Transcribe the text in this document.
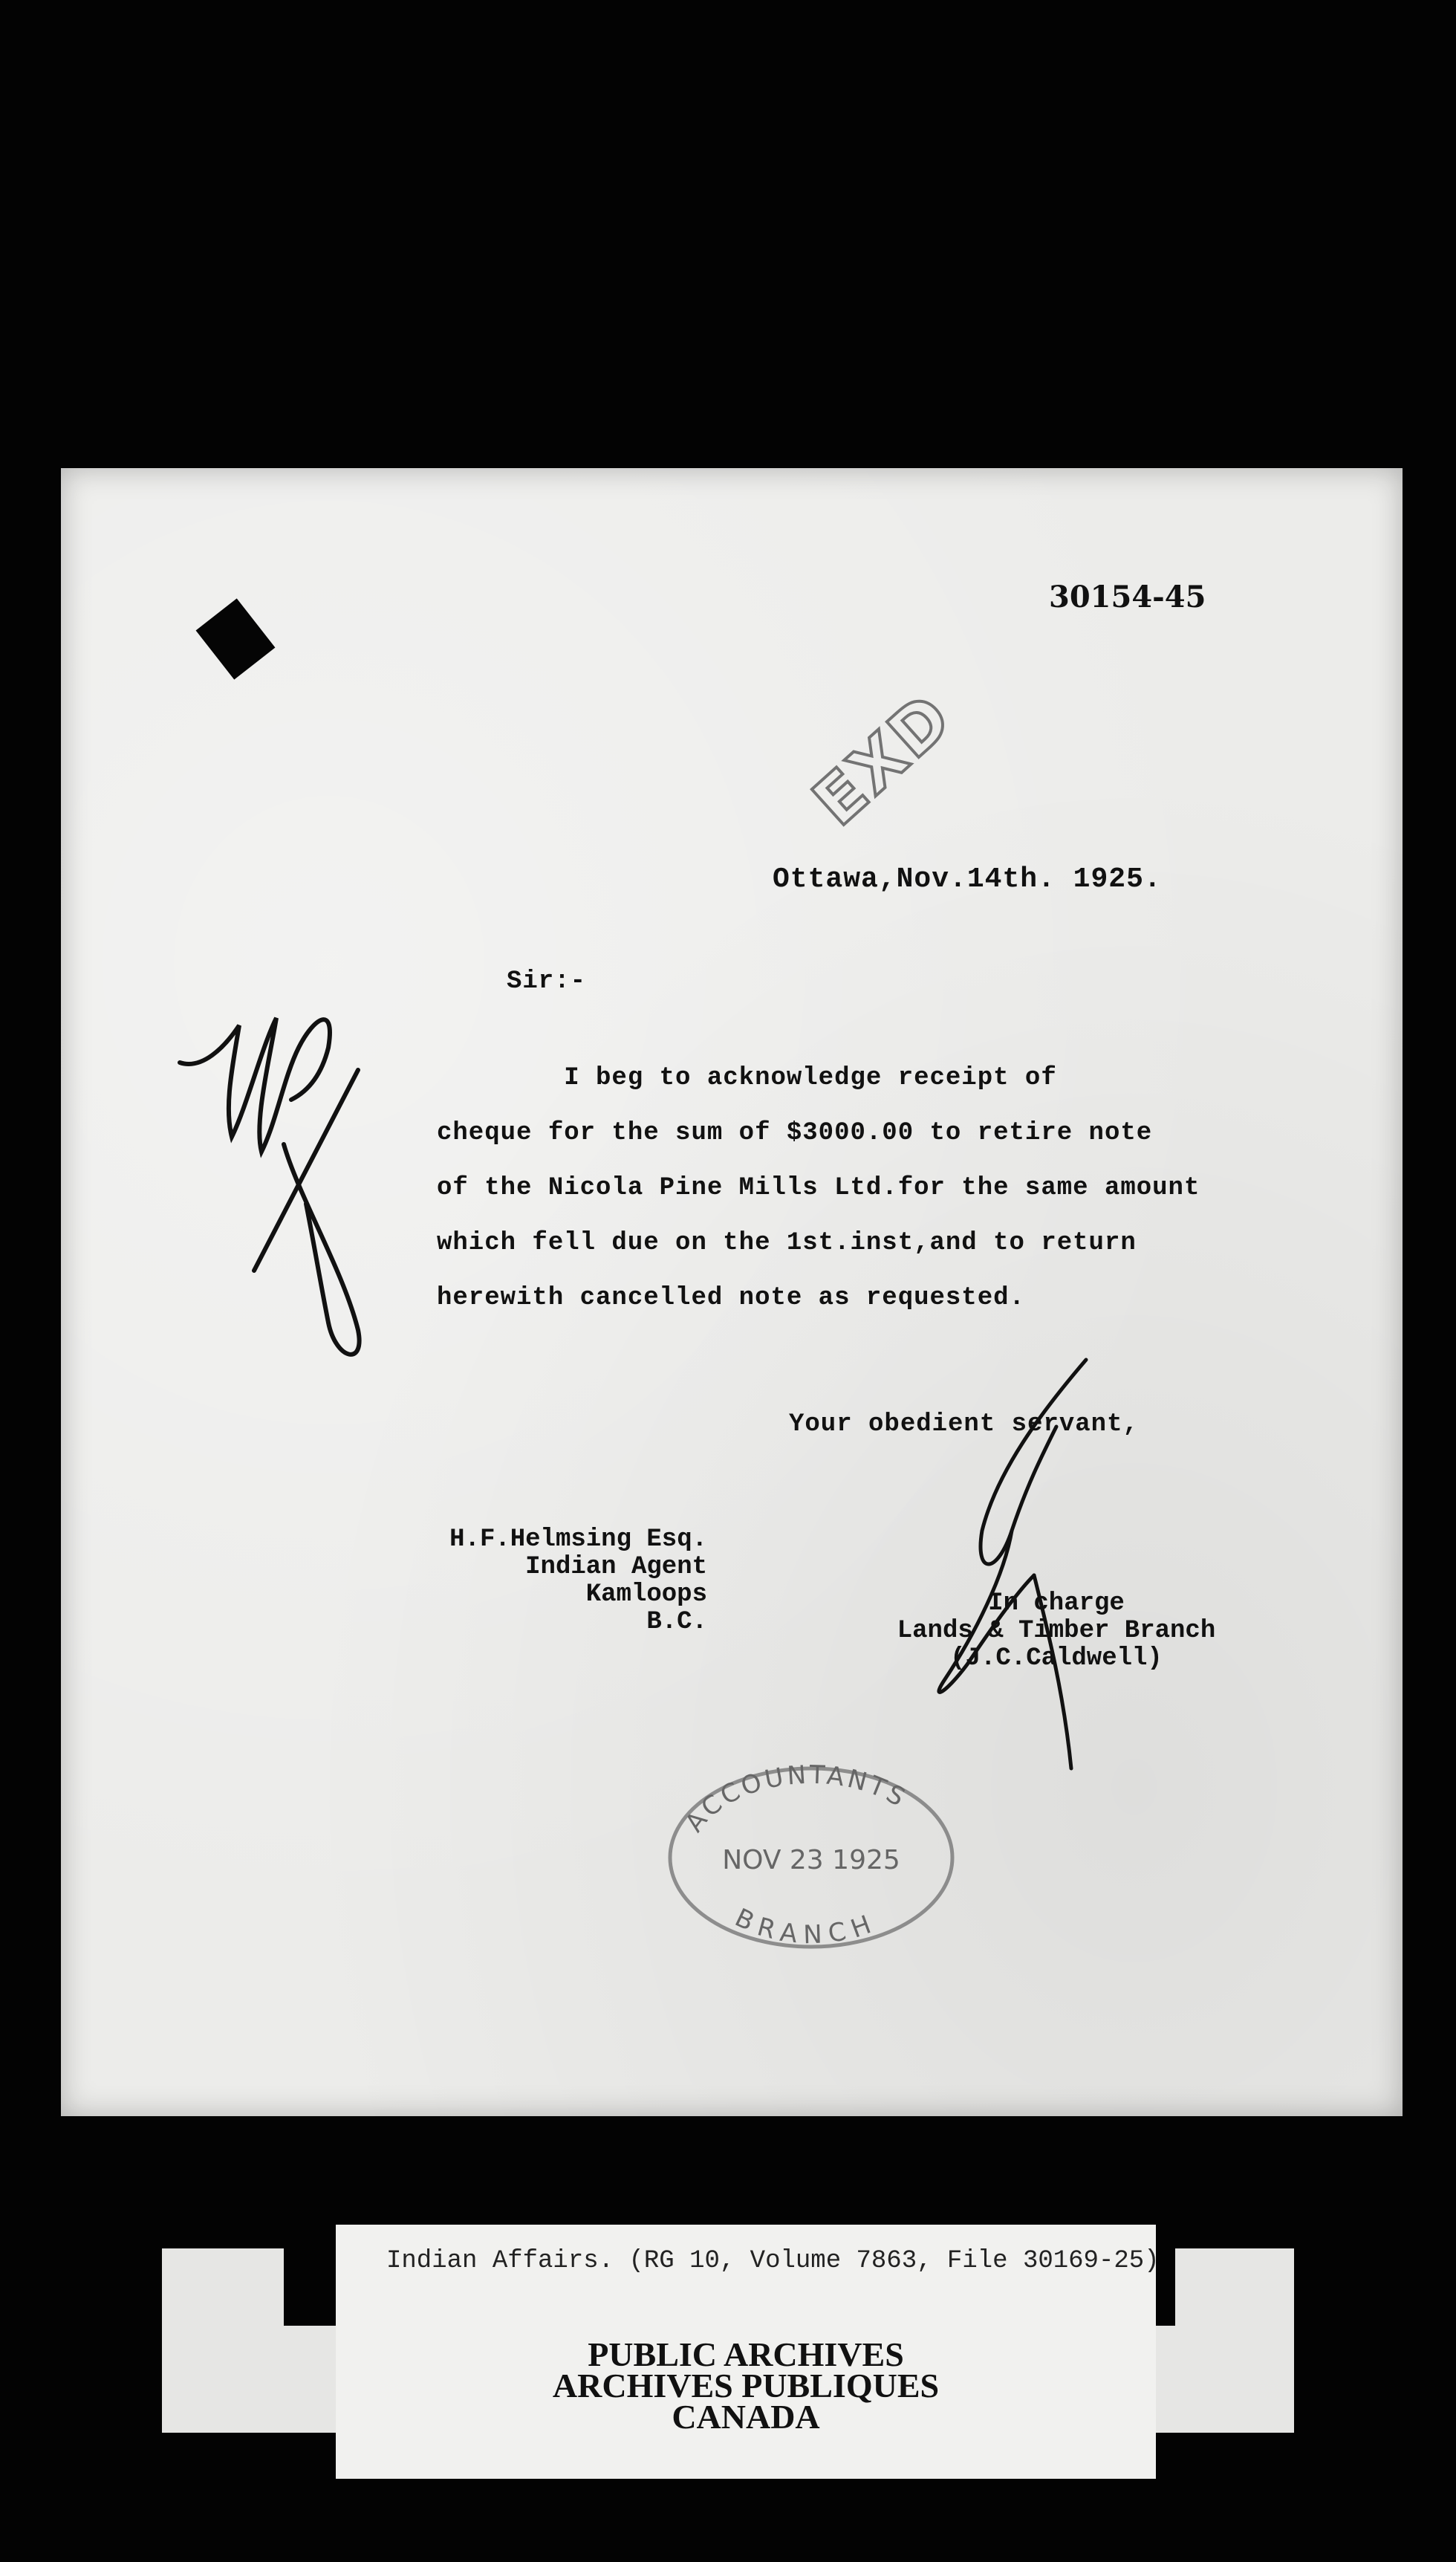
30154-45
EXD
Ottawa,Nov.14th. 1925.
Sir:-
I beg to acknowledge receipt of
cheque for the sum of $3000.00 to retire note
of the Nicola Pine Mills Ltd.for the same amount
which fell due on the 1st.inst,and to return
herewith cancelled note as requested.
Your obedient servant,
H.F.Helmsing Esq.
Indian Agent
Kamloops
B.C.
In charge
Lands & Timber Branch
(J.C.Caldwell)
ACCOUNTANTS
NOV 23 1925
BRANCH
Indian Affairs. (RG 10, Volume 7863, File 30169-25)
PUBLIC ARCHIVES
ARCHIVES PUBLIQUES
CANADA
